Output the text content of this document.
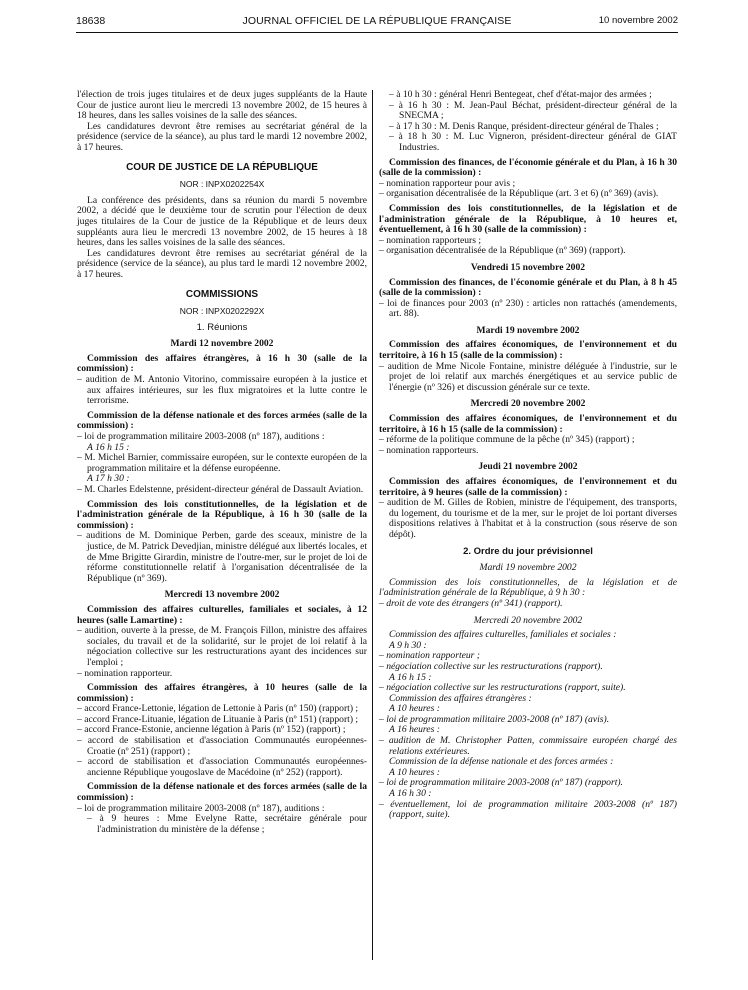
18638	JOURNAL OFFICIEL DE LA RÉPUBLIQUE FRANÇAISE	10 novembre 2002

l'élection de trois juges titulaires et de deux juges suppléants de la Haute Cour de justice auront lieu le mercredi 13 novembre 2002, de 15 heures à 18 heures, dans les salles voisines de la salle des séances.

Les candidatures devront être remises au secrétariat général de la présidence (service de la séance), au plus tard le mardi 12 novembre 2002, à 17 heures.

COUR DE JUSTICE DE LA RÉPUBLIQUE
NOR : INPX0202254X

La conférence des présidents, dans sa réunion du mardi 5 novembre 2002, a décidé que le deuxième tour de scrutin pour l'élection de deux juges titulaires de la Cour de justice de la République et de leurs deux suppléants aura lieu le mercredi 13 novembre 2002, de 15 heures à 18 heures, dans les salles voisines de la salle des séances.

Les candidatures devront être remises au secrétariat général de la présidence (service de la séance), au plus tard le mardi 12 novembre 2002, à 17 heures.

COMMISSIONS
NOR : INPX0202292X
1. Réunions
Mardi 12 novembre 2002

Commission des affaires étrangères, à 16 h 30 (salle de la commission) :

– audition de M. Antonio Vitorino, commissaire européen à la justice et aux affaires intérieures, sur les flux migratoires et la lutte contre le terrorisme.

Commission de la défense nationale et des forces armées (salle de la commission) :

– loi de programmation militaire 2003-2008 (nº 187), auditions :

A 16 h 15 :

– M. Michel Barnier, commissaire européen, sur le contexte européen de la programmation militaire et la défense européenne.

A 17 h 30 :

– M. Charles Edelstenne, président-directeur général de Dassault Aviation.

Commission des lois constitutionnelles, de la législation et de l'administration générale de la République, à 16 h 30 (salle de la commission) :

– auditions de M. Dominique Perben, garde des sceaux, ministre de la justice, de M. Patrick Devedjian, ministre délégué aux libertés locales, et de Mme Brigitte Girardin, ministre de l'outre-mer, sur le projet de loi de réforme constitutionnelle relatif à l'organisation décentralisée de la République (nº 369).

Mercredi 13 novembre 2002

Commission des affaires culturelles, familiales et sociales, à 12 heures (salle Lamartine) :

– audition, ouverte à la presse, de M. François Fillon, ministre des affaires sociales, du travail et de la solidarité, sur le projet de loi relatif à la négociation collective sur les restructurations ayant des incidences sur l'emploi ;

– nomination rapporteur.

Commission des affaires étrangères, à 10 heures (salle de la commission) :

– accord France-Lettonie, légation de Lettonie à Paris (nº 150) (rapport) ;

– accord France-Lituanie, légation de Lituanie à Paris (nº 151) (rapport) ;

– accord France-Estonie, ancienne légation à Paris (nº 152) (rapport) ;

– accord de stabilisation et d'association Communautés européennes-Croatie (nº 251) (rapport) ;

– accord de stabilisation et d'association Communautés européennes-ancienne République yougoslave de Macédoine (nº 252) (rapport).

Commission de la défense nationale et des forces armées (salle de la commission) :

– loi de programmation militaire 2003-2008 (nº 187), auditions :

– à 9 heures : Mme Evelyne Ratte, secrétaire générale pour l'administration du ministère de la défense ;

– à 10 h 30 : général Henri Bentegeat, chef d'état-major des armées ;

– à 16 h 30 : M. Jean-Paul Béchat, président-directeur général de la SNECMA ;

– à 17 h 30 : M. Denis Ranque, président-directeur général de Thales ;

– à 18 h 30 : M. Luc Vigneron, président-directeur général de GIAT Industries.

Commission des finances, de l'économie générale et du Plan, à 16 h 30 (salle de la commission) :

– nomination rapporteur pour avis ;

– organisation décentralisée de la République (art. 3 et 6) (nº 369) (avis).

Commission des lois constitutionnelles, de la législation et de l'administration générale de la République, à 10 heures et, éventuellement, à 16 h 30 (salle de la commission) :

– nomination rapporteurs ;

– organisation décentralisée de la République (nº 369) (rapport).

Vendredi 15 novembre 2002

Commission des finances, de l'économie générale et du Plan, à 8 h 45 (salle de la commission) :

– loi de finances pour 2003 (nº 230) : articles non rattachés (amendements, art. 88).

Mardi 19 novembre 2002

Commission des affaires économiques, de l'environnement et du territoire, à 16 h 15 (salle de la commission) :

– audition de Mme Nicole Fontaine, ministre déléguée à l'industrie, sur le projet de loi relatif aux marchés énergétiques et au service public de l'énergie (nº 326) et discussion générale sur ce texte.

Mercredi 20 novembre 2002

Commission des affaires économiques, de l'environnement et du territoire, à 16 h 15 (salle de la commission) :

– réforme de la politique commune de la pêche (nº 345) (rapport) ;

– nomination rapporteurs.

Jeudi 21 novembre 2002

Commission des affaires économiques, de l'environnement et du territoire, à 9 heures (salle de la commission) :

– audition de M. Gilles de Robien, ministre de l'équipement, des transports, du logement, du tourisme et de la mer, sur le projet de loi portant diverses dispositions relatives à l'habitat et à la construction (sous réserve de son dépôt).

2. Ordre du jour prévisionnel
Mardi 19 novembre 2002

Commission des lois constitutionnelles, de la législation et de l'administration générale de la République, à 9 h 30 :

– droit de vote des étrangers (nº 341) (rapport).

Mercredi 20 novembre 2002

Commission des affaires culturelles, familiales et sociales :

A 9 h 30 :

– nomination rapporteur ;

– négociation collective sur les restructurations (rapport).

A 16 h 15 :

– négociation collective sur les restructurations (rapport, suite).

Commission des affaires étrangères :

A 10 heures :

– loi de programmation militaire 2003-2008 (nº 187) (avis).

A 16 heures :

– audition de M. Christopher Patten, commissaire européen chargé des relations extérieures.

Commission de la défense nationale et des forces armées :

A 10 heures :

– loi de programmation militaire 2003-2008 (nº 187) (rapport).

A 16 h 30 :

– éventuellement, loi de programmation militaire 2003-2008 (nº 187) (rapport, suite).
